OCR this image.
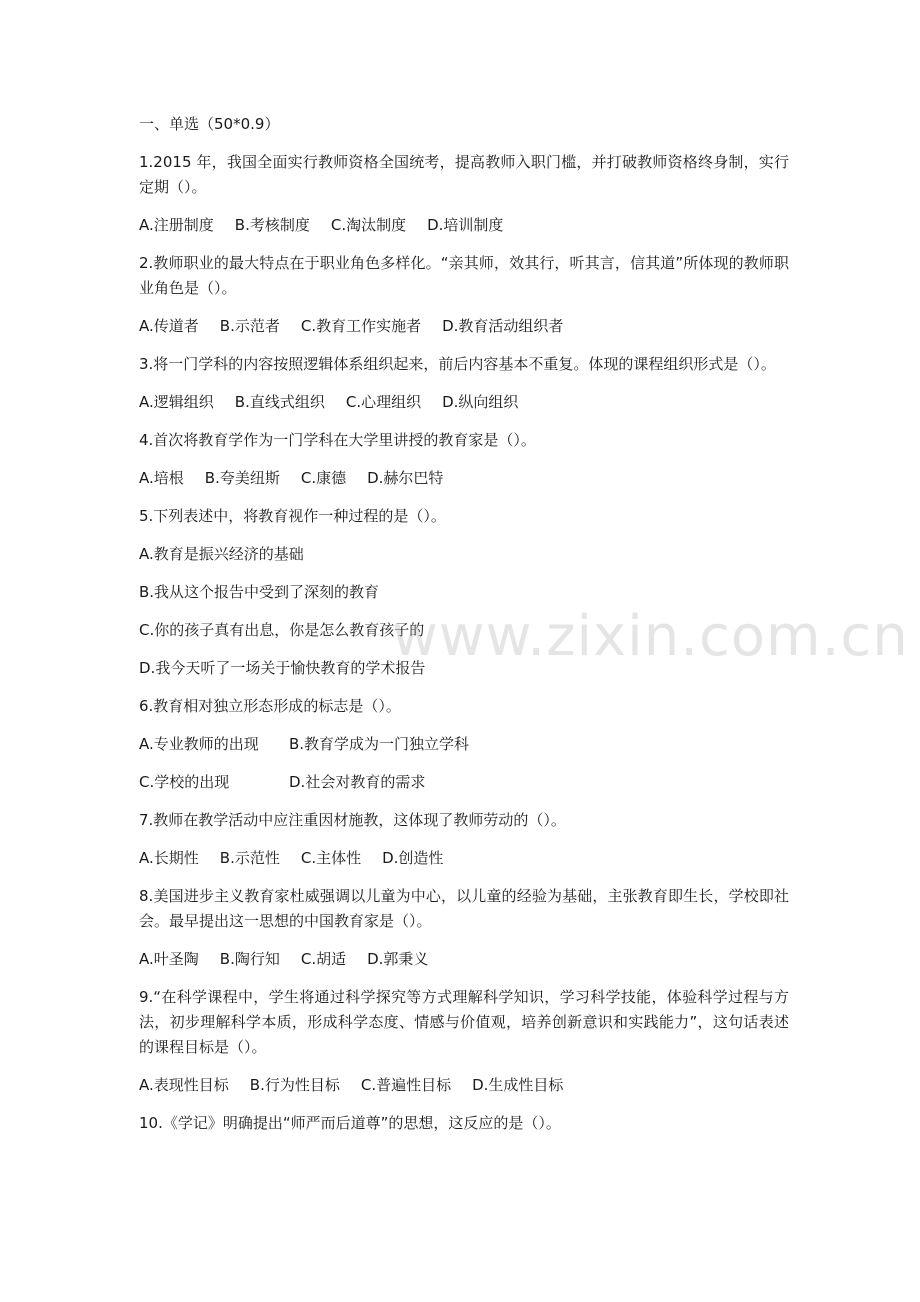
一、单选（50*0.9）
1.2015 年，我国全面实行教师资格全国统考，提高教师入职门槛，并打破教师资格终身制，实行定期（）。
A.注册制度 B.考核制度 C.淘汰制度 D.培训制度
2.教师职业的最大特点在于职业角色多样化。“亲其师，效其行，听其言，信其道”所体现的教师职业角色是（）。
A.传道者 B.示范者 C.教育工作实施者 D.教育活动组织者
3.将一门学科的内容按照逻辑体系组织起来，前后内容基本不重复。体现的课程组织形式是（）。
A.逻辑组织 B.直线式组织 C.心理组织 D.纵向组织
4.首次将教育学作为一门学科在大学里讲授的教育家是（）。
A.培根 B.夸美纽斯 C.康德 D.赫尔巴特
5.下列表述中，将教育视作一种过程的是（）。
A.教育是振兴经济的基础
B.我从这个报告中受到了深刻的教育
C.你的孩子真有出息，你是怎么教育孩子的
D.我今天听了一场关于愉快教育的学术报告
6.教育相对独立形态形成的标志是（）。
A.专业教师的出现	B.教育学成为一门独立学科
C.学校的出现	D.社会对教育的需求
7.教师在教学活动中应注重因材施教，这体现了教师劳动的（）。
A.长期性 B.示范性 C.主体性 D.创造性
8.美国进步主义教育家杜威强调以儿童为中心，以儿童的经验为基础，主张教育即生长，学校即社会。最早提出这一思想的中国教育家是（）。
A.叶圣陶 B.陶行知 C.胡适 D.郭秉义
9.“在科学课程中，学生将通过科学探究等方式理解科学知识，学习科学技能，体验科学过程与方法，初步理解科学本质，形成科学态度、情感与价值观，培养创新意识和实践能力”，这句话表述的课程目标是（）。
A.表现性目标 B.行为性目标 C.普遍性目标 D.生成性目标
10.《学记》明确提出“师严而后道尊”的思想，这反应的是（）。
www.zixin.com.cn
